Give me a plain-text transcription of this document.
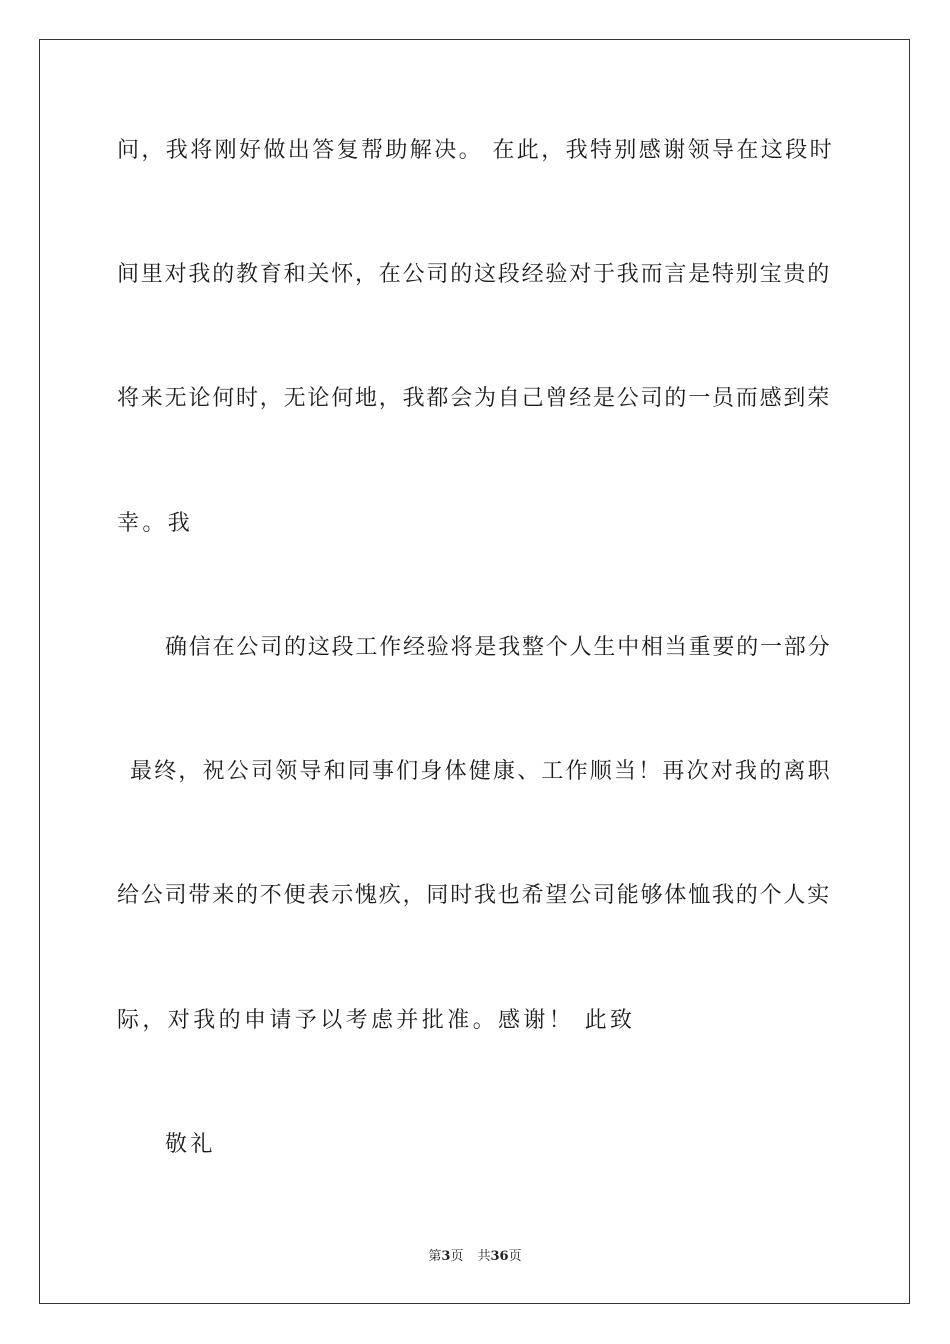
问，我将刚好做出答复帮助解决。 在此，我特别感谢领导在这段时
间里对我的教育和关怀，在公司的这段经验对于我而言是特别宝贵的
将来无论何时，无论何地，我都会为自己曾经是公司的一员而感到荣
幸。我
确信在公司的这段工作经验将是我整个人生中相当重要的一部分
最终，祝公司领导和同事们身体健康、工作顺当！再次对我的离职
给公司带来的不便表示愧疚，同时我也希望公司能够体恤我的个人实
际，对我的申请予以考虑并批准。感谢！ 此致
敬礼
第3页 共36页
